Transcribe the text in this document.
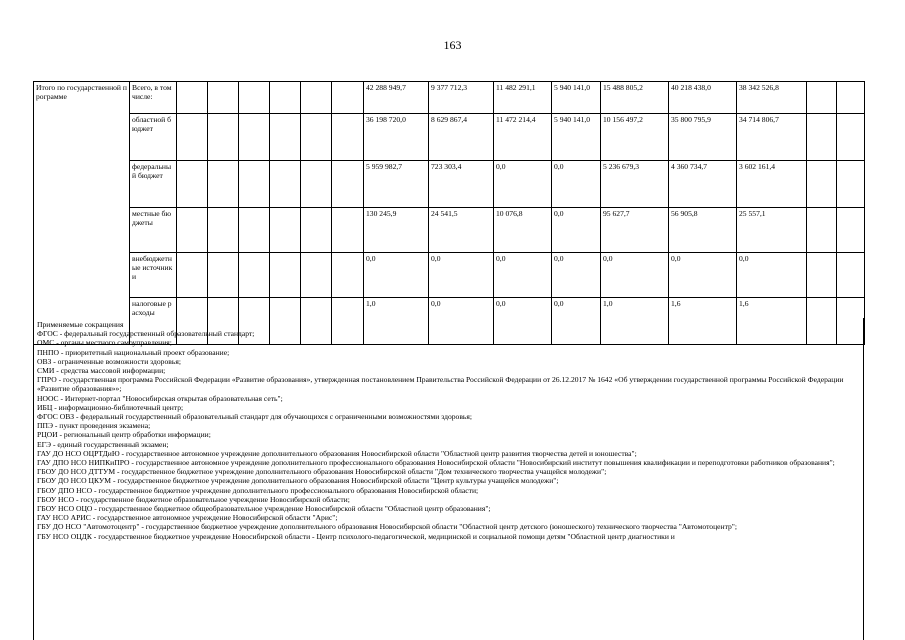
163
Итого по государственной программе	Всего, в том числе:							42 288 949,7	9 377 712,3	11 482 291,1	5 940 141,0	15 488 805,2	40 218 438,0	38 342 526,8		
	областной бюджет							36 198 720,0	8 629 867,4	11 472 214,4	5 940 141,0	10 156 497,2	35 800 795,9	34 714 806,7		
	федеральный бюджет							5 959 982,7	723 303,4	0,0	0,0	5 236 679,3	4 360 734,7	3 602 161,4		
	местные бюджеты							130 245,9	24 541,5	10 076,8	0,0	95 627,7	56 905,8	25 557,1		
	внебюджетные источники							0,0	0,0	0,0	0,0	0,0	0,0	0,0		
	налоговые расходы							1,0	0,0	0,0	0,0	1,0	1,6	1,6		
Применяемые сокращения
ФГОС - федеральный государственный образовательный стандарт;
ОМС - органы местного самоуправления;
ПНПО - приоритетный национальный проект образование;
ОВЗ - ограниченные возможности здоровья;
СМИ - средства массовой информации;
ГПРО - государственная программа Российской Федерации «Развитие образования», утвержденная постановлением Правительства Российской Федерации от 26.12.2017 № 1642 «Об утверждении государственной программы Российской Федерации «Развитие образования»»;
НООС - Интернет-портал "Новосибирская открытая образовательная сеть";
ИБЦ - информационно-библиотечный центр;
ФГОС ОВЗ - федеральный государственный образовательный стандарт для обучающихся с ограниченными возможностями здоровья;
ППЭ - пункт проведения экзамена;
РЦОИ - региональный центр обработки информации;
ЕГЭ - единый государственный экзамен;
ГАУ ДО НСО ОЦРТДиЮ - государственное автономное учреждение дополнительного образования Новосибирской области "Областной центр развития творчества детей и юношества";
ГАУ ДПО НСО НИПКиПРО - государственное автономное учреждение дополнительного профессионального образования Новосибирской области "Новосибирский институт повышения квалификации и переподготовки работников образования";
ГБОУ ДО НСО ДТТУМ - государственное бюджетное учреждение дополнительного образования Новосибирской области "Дом технического творчества учащейся молодежи";
ГБОУ ДО НСО ЦКУМ - государственное бюджетное учреждение дополнительного образования Новосибирской области "Центр культуры учащейся молодежи";
ГБОУ ДПО НСО - государственное бюджетное учреждение дополнительного профессионального образования Новосибирской области;
ГБОУ НСО - государственное бюджетное образовательное учреждение Новосибирской области;
ГБОУ НСО ОЦО - государственное бюджетное общеобразовательное учреждение Новосибирской области "Областной центр образования";
ГАУ НСО АРИС - государственное автономное учреждение Новосибирской области "Арис";
ГБУ ДО НСО "Автомотоцентр" - государственное бюджетное учреждение дополнительного образования Новосибирской области "Областной центр детского (юношеского) технического творчества "Автомотоцентр";
ГБУ НСО ОЦДК - государственное бюджетное учреждение Новосибирской области - Центр психолого-педагогической, медицинской и социальной помощи детям "Областной центр диагностики и
